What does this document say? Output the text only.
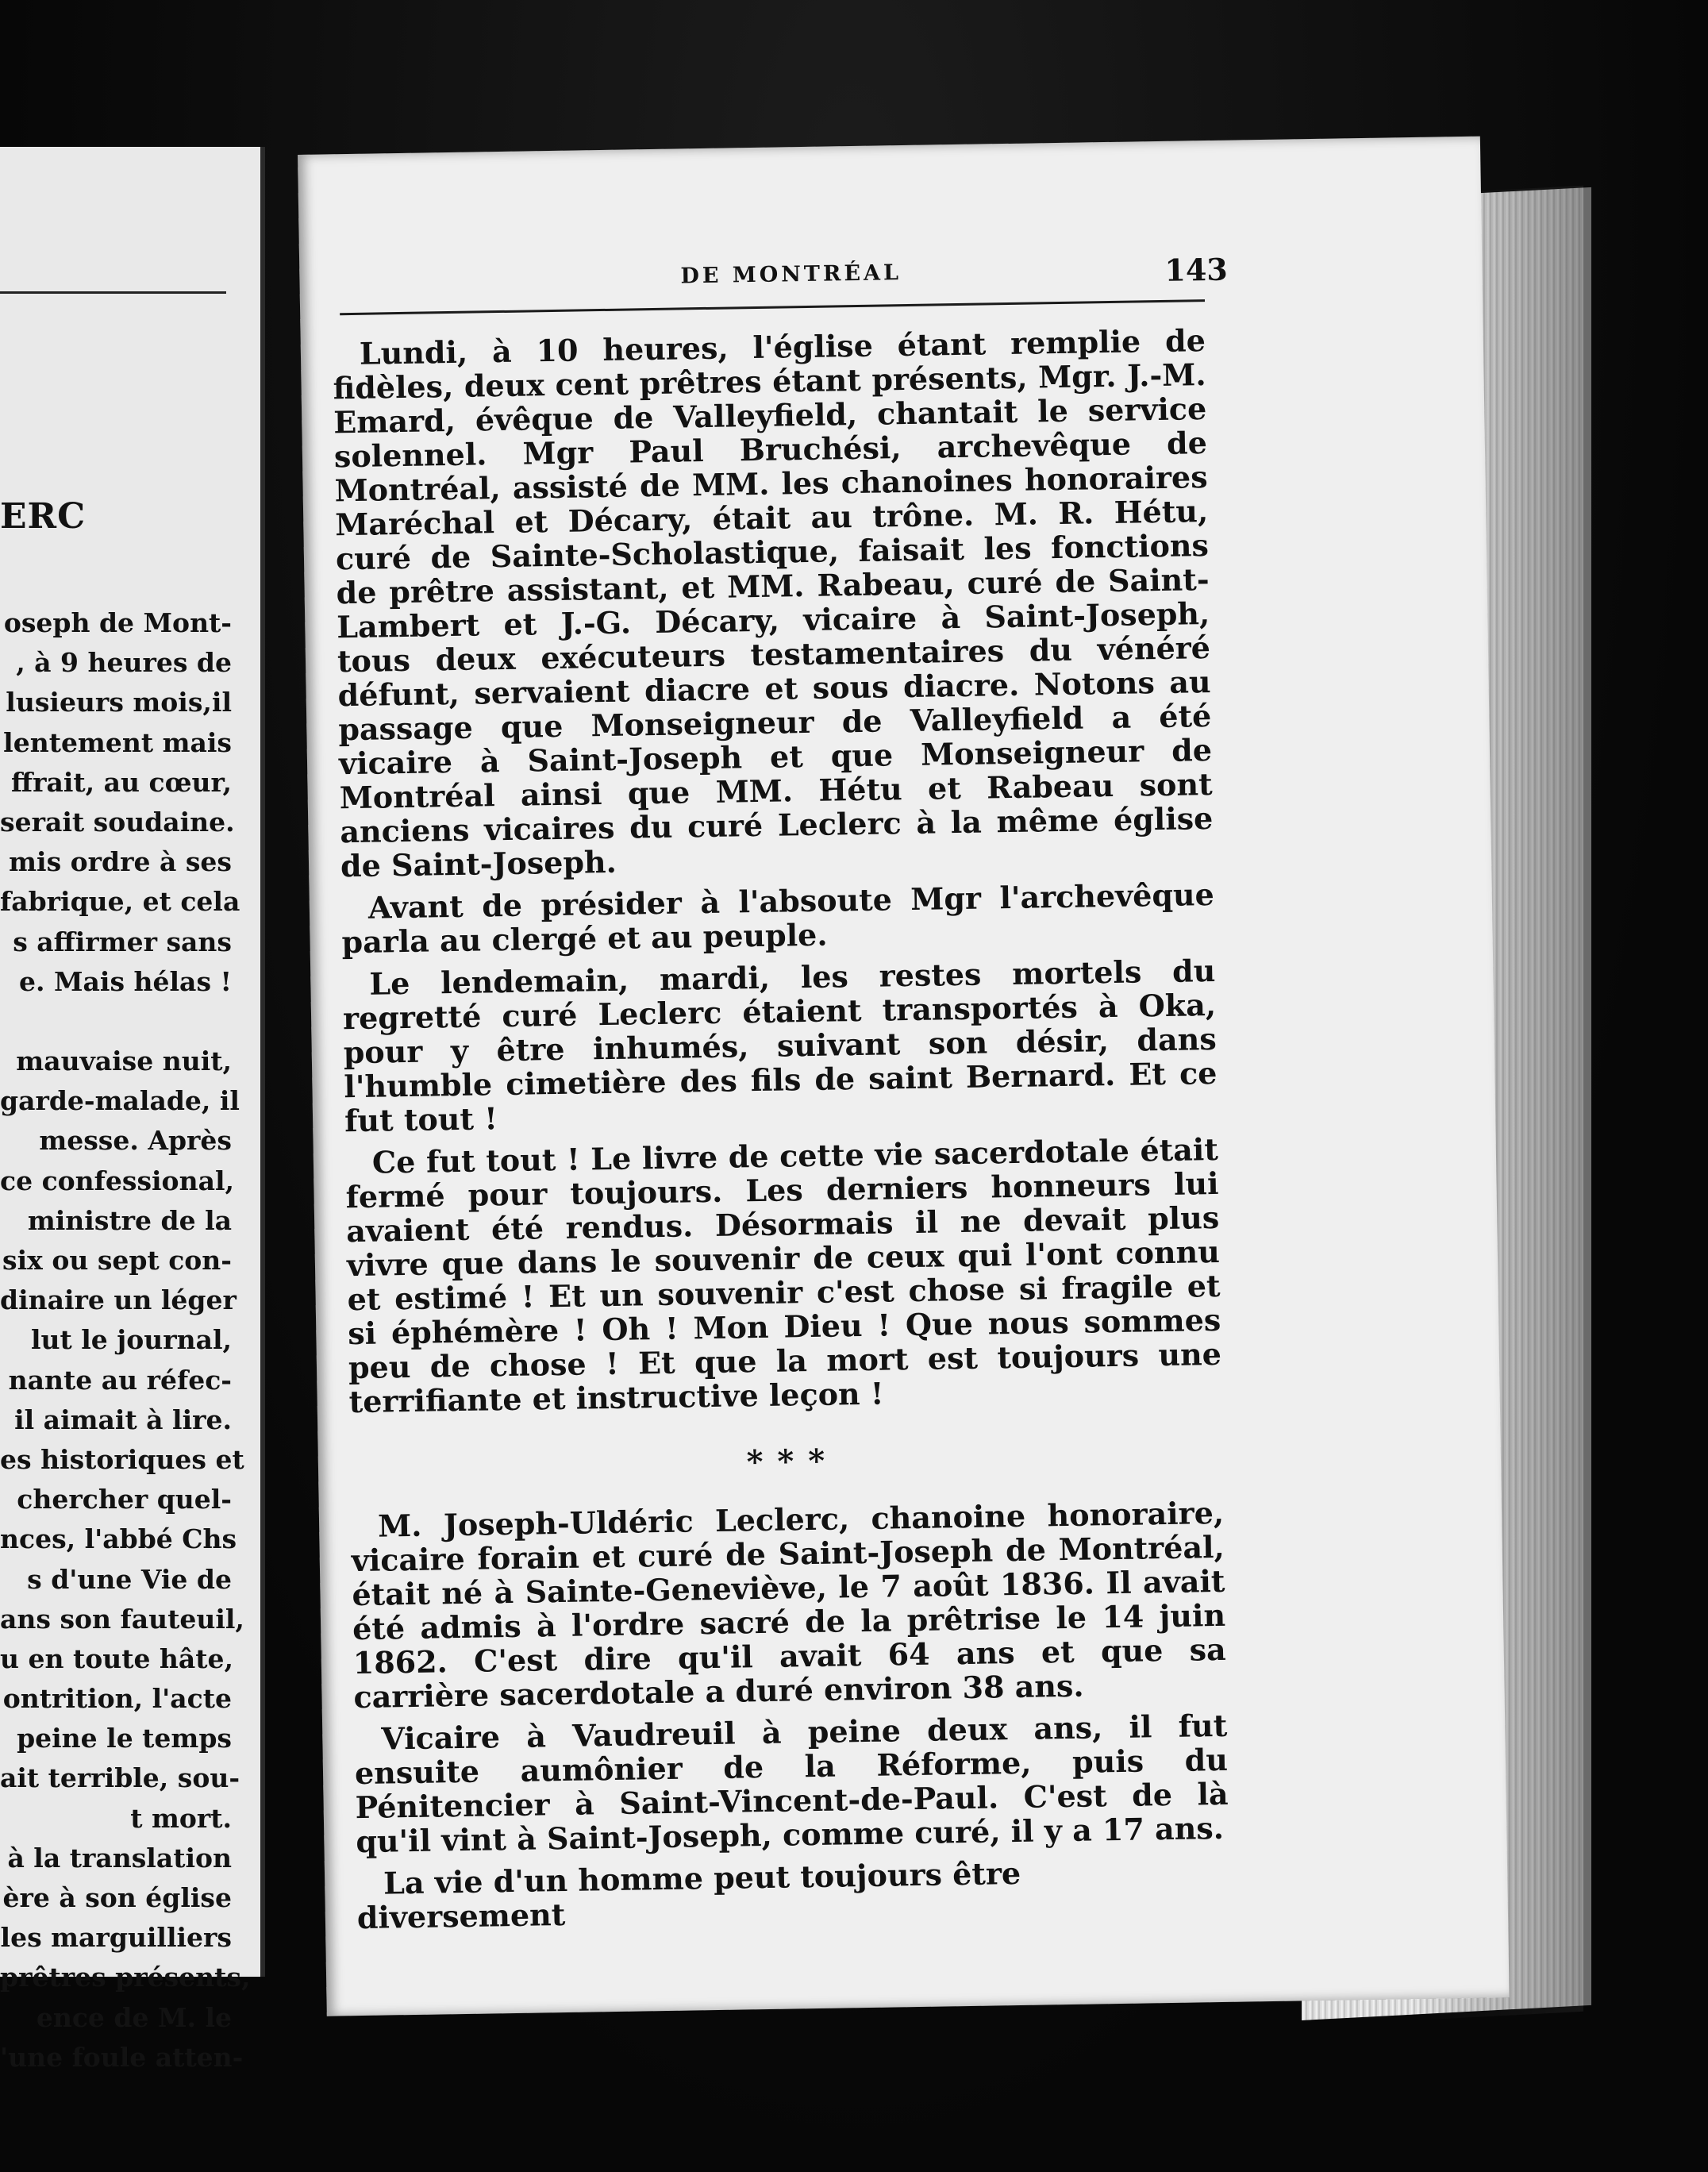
ERC
oseph de Mont-
, à 9 heures de
lusieurs mois,il
lentement mais
ffrait, au cœur,
serait soudaine.
mis ordre à ses
fabrique, et cela
s affirmer sans
e. Mais hélas !
mauvaise nuit,
garde-malade, il
messe. Après
ce confessional,
ministre de la
six ou sept con-
dinaire un léger
lut le journal,
nante au réfec-
il aimait à lire.
es historiques et
chercher quel-
nces, l'abbé Chs
s d'une Vie de
ans son fauteuil,
u en toute hâte,
ontrition, l'acte
peine le temps
ait terrible, sou-
t mort.
à la translation
ère à son église
les marguilliers
prêtres présents,
ence de M. le
'une foule atten-
DE MONTRÉAL	143

Lundi, à 10 heures, l'église étant remplie de fidèles, deux cent prêtres étant présents, Mgr. J.-M. Emard, évêque de Valleyfield, chantait le service solennel. Mgr Paul Bruchési, archevêque de Montréal, assisté de MM. les chanoines honoraires Maréchal et Décary, était au trône. M. R. Hétu, curé de Sainte-Scholastique, faisait les fonctions de prêtre assistant, et MM. Rabeau, curé de Saint-Lambert et J.-G. Décary, vicaire à Saint-Joseph, tous deux exécuteurs testamentaires du vénéré défunt, servaient diacre et sous diacre. Notons au passage que Monseigneur de Valleyfield a été vicaire à Saint-Joseph et que Monseigneur de Montréal ainsi que MM. Hétu et Rabeau sont anciens vicaires du curé Leclerc à la même église de Saint-Joseph.

Avant de présider à l'absoute Mgr l'archevêque parla au clergé et au peuple.

Le lendemain, mardi, les restes mortels du regretté curé Leclerc étaient transportés à Oka, pour y être inhumés, suivant son désir, dans l'humble cimetière des fils de saint Bernard. Et ce fut tout !

Ce fut tout ! Le livre de cette vie sacerdotale était fermé pour toujours. Les derniers honneurs lui avaient été rendus. Désormais il ne devait plus vivre que dans le souvenir de ceux qui l'ont connu et estimé ! Et un souvenir c'est chose si fragile et si éphémère ! Oh ! Mon Dieu ! Que nous sommes peu de chose ! Et que la mort est toujours une terrifiante et instructive leçon !

* * *

M. Joseph-Uldéric Leclerc, chanoine honoraire, vicaire forain et curé de Saint-Joseph de Montréal, était né à Sainte-Geneviève, le 7 août 1836. Il avait été admis à l'ordre sacré de la prêtrise le 14 juin 1862. C'est dire qu'il avait 64 ans et que sa carrière sacerdotale a duré environ 38 ans.

Vicaire à Vaudreuil à peine deux ans, il fut ensuite aumônier de la Réforme, puis du Pénitencier à Saint-Vincent-de-Paul. C'est de là qu'il vint à Saint-Joseph, comme curé, il y a 17 ans.

La vie d'un homme peut toujours être diversement
